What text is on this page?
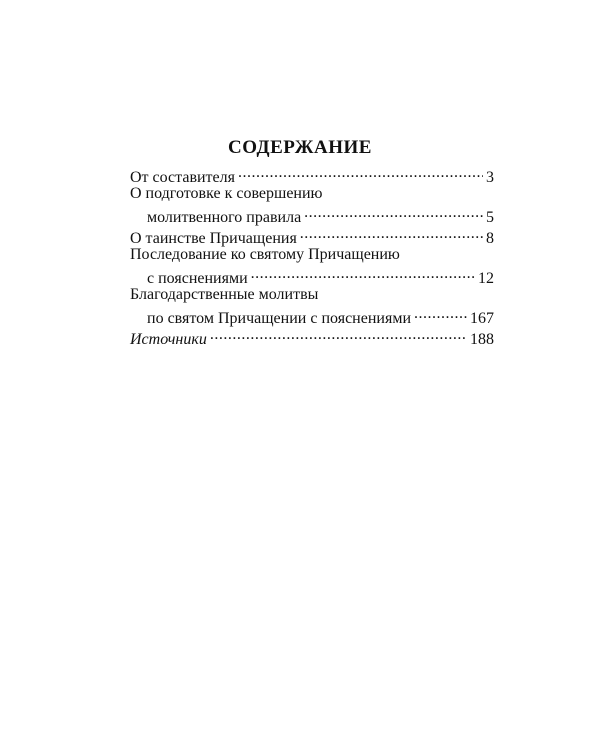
СОДЕРЖАНИЕ
От составителя .....	3
О подготовке к совершению
молитвенного правила .....	5
О таинстве Причащения .....	8
Последование ко святому Причащению
с пояснениями .....	12
Благодарственные молитвы
по святом Причащении с пояснениями .....	167
Источники .....	188
